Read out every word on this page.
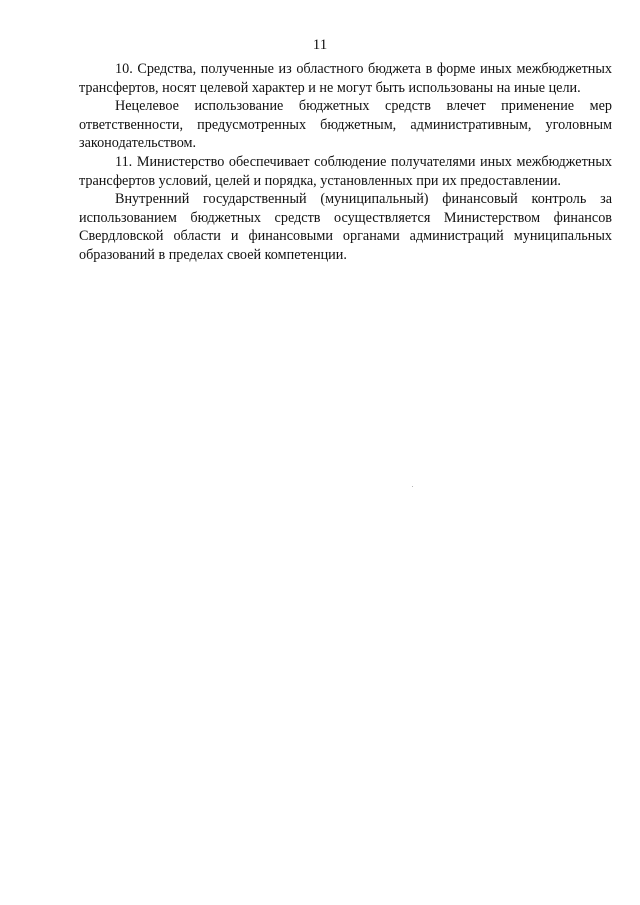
11

10. Средства, полученные из областного бюджета в форме иных межбюджетных трансфертов, носят целевой характер и не могут быть использованы на иные цели.

Нецелевое использование бюджетных средств влечет применение мер ответственности, предусмотренных бюджетным, административным, уголовным законодательством.

11. Министерство обеспечивает соблюдение получателями иных межбюджетных трансфертов условий, целей и порядка, установленных при их предоставлении.

Внутренний государственный (муниципальный) финансовый контроль за использованием бюджетных средств осуществляется Министерством финансов Свердловской области и финансовыми органами администраций муниципальных образований в пределах своей компетенции.
